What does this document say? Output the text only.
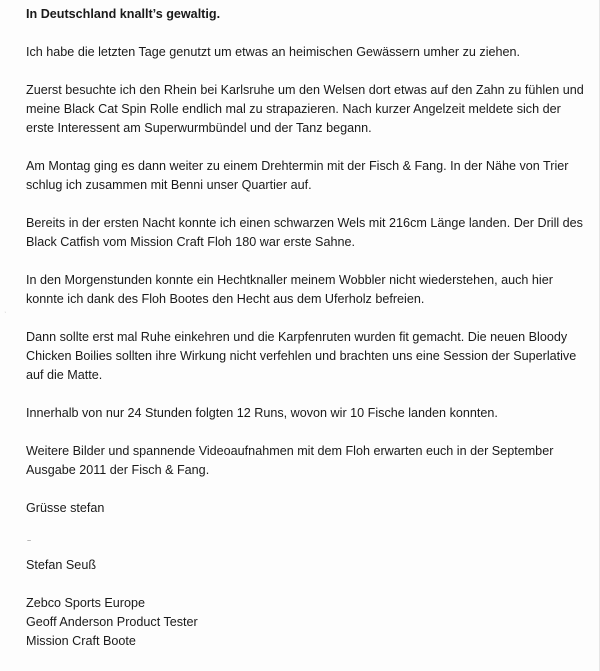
ʾ

In Deutschland knallt’s gewaltig.

Ich habe die letzten Tage genutzt um etwas an heimischen Gewässern umher zu ziehen.

Zuerst besuchte ich den Rhein bei Karlsruhe um den Welsen dort etwas auf den Zahn zu fühlen und meine Black Cat Spin Rolle endlich mal zu strapazieren. Nach kurzer Angelzeit meldete sich der erste Interessent am Superwurmbündel und der Tanz begann.

Am Montag ging es dann weiter zu einem Drehtermin mit der Fisch & Fang. In der Nähe von Trier schlug ich zusammen mit Benni unser Quartier auf.

Bereits in der ersten Nacht konnte ich einen schwarzen Wels mit 216cm Länge landen. Der Drill des Black Catfish vom Mission Craft Floh 180 war erste Sahne.

In den Morgenstunden konnte ein Hechtknaller meinem Wobbler nicht wiederstehen, auch hier konnte ich dank des Floh Bootes den Hecht aus dem Uferholz befreien.

Dann sollte erst mal Ruhe einkehren und die Karpfenruten wurden fit gemacht. Die neuen Bloody Chicken Boilies sollten ihre Wirkung nicht verfehlen und brachten uns eine Session der Superlative auf die Matte.

Innerhalb von nur 24 Stunden folgten 12 Runs, wovon wir 10 Fische landen konnten.

Weitere Bilder und spannende Videoaufnahmen mit dem Floh erwarten euch in der September Ausgabe 2011 der Fisch & Fang.

Grüsse stefan

Stefan Seuß

Zebco Sports Europe

Geoff Anderson Product Tester

Mission Craft Boote

~
